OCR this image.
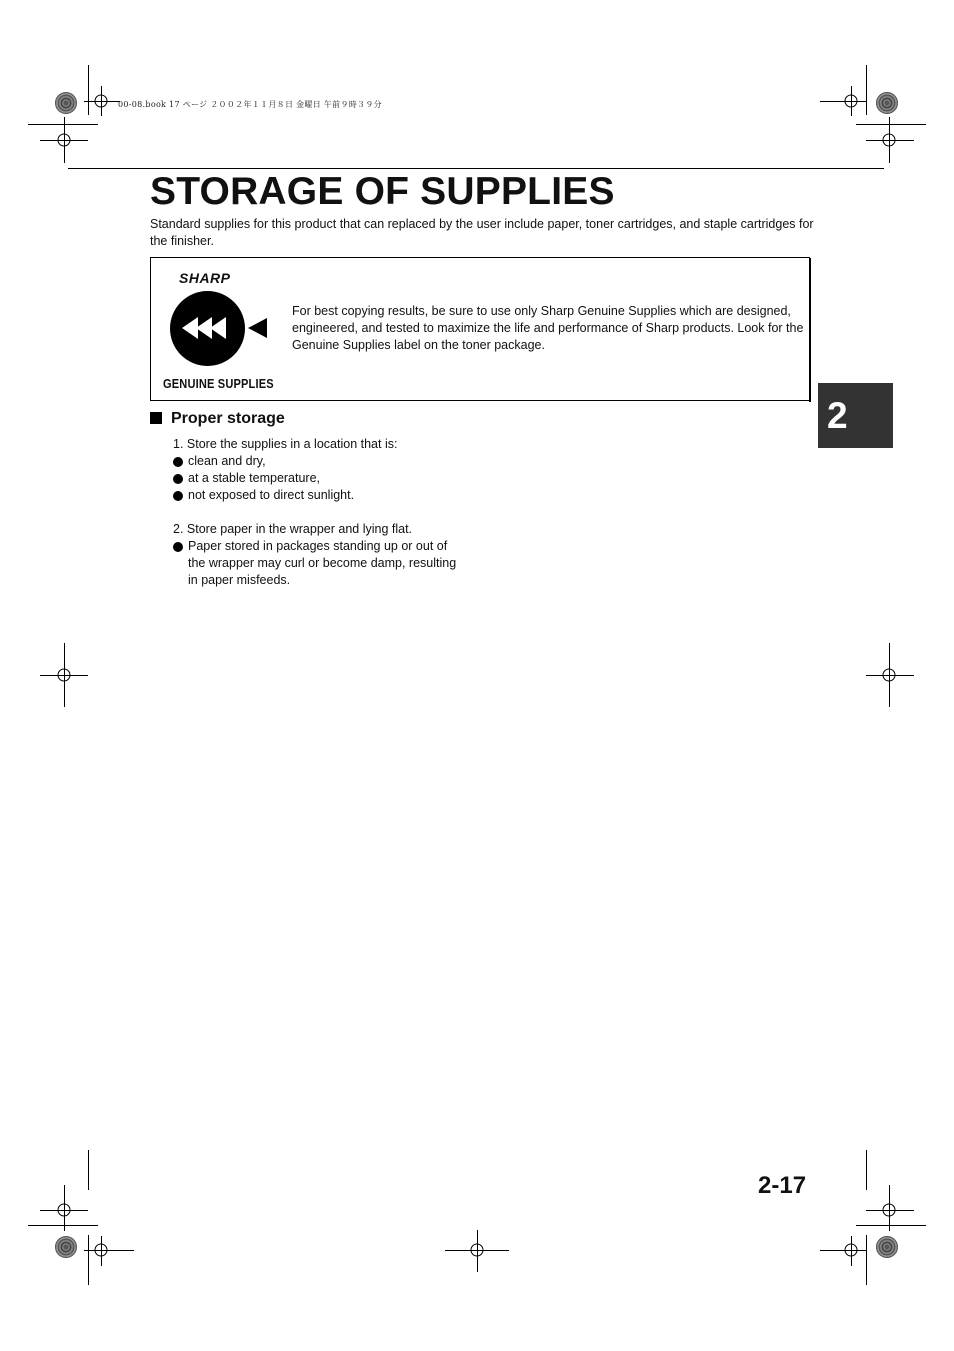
00-08.book 17 ページ ２００２年１１月８日 金曜日 午前９時３９分
STORAGE OF SUPPLIES
Standard supplies for this product that can replaced by the user include paper, toner cartridges, and staple cartridges for the finisher.
SHARP
GENUINE SUPPLIES
For best copying results, be sure to use only Sharp Genuine Supplies which are designed, engineered, and tested to maximize the life and performance of Sharp products. Look for the Genuine Supplies label on the toner package.
2
Proper storage
1. Store the supplies in a location that is:
clean and dry,
at a stable temperature,
not exposed to direct sunlight.
2. Store paper in the wrapper and lying flat.
Paper stored in packages standing up or out of
the wrapper may curl or become damp, resulting
in paper misfeeds.
2-17
